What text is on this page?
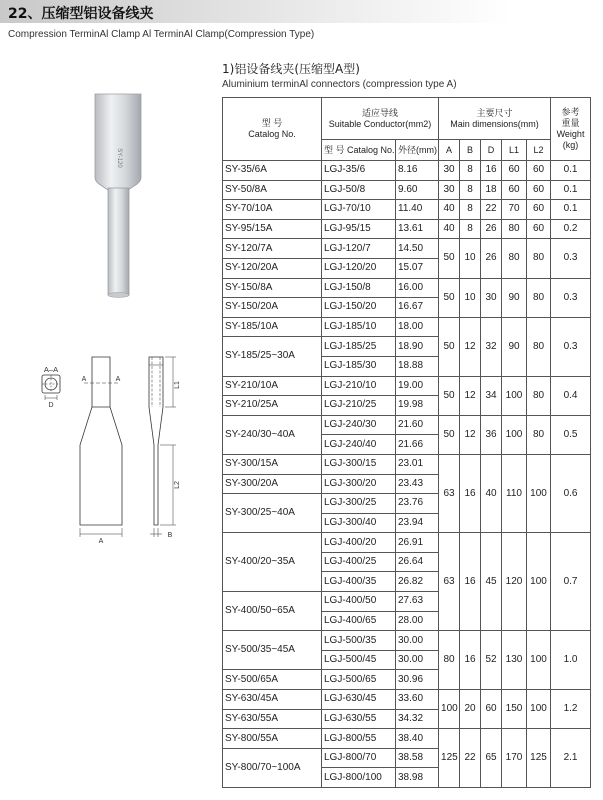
22、压缩型铝设备线夹
Compression TerminAl Clamp Al TerminAl Clamp(Compression Type)
1)铝设备线夹(压缩型A型)
Aluminium terminAl connectors (compression type A)
SY-120
A–A
D
A	A
A
L1
L2
B
型 号
Catalog No.	适应导线
Suitable Conductor(mm2)		主要尺寸
Main dimensions(mm)					参考
重量
Weight
(kg)

	型 号 Catalog No.	外径(mm)	A	B	D	L1	L2	
SY-35/6A	LGJ-35/6	8.16	30	8	16	60	60	0.1
SY-50/8A	LGJ-50/8	9.60	30	8	18	60	60	0.1
SY-70/10A	LGJ-70/10	11.40	40	8	22	70	60	0.1
SY-95/15A	LGJ-95/15	13.61	40	8	26	80	60	0.2
SY-120/7A	LGJ-120/7	14.50	50	10	26	80	80	0.3
SY-120/20A	LGJ-120/20	15.07						
SY-150/8A	LGJ-150/8	16.00	50	10	30	90	80	0.3
SY-150/20A	LGJ-150/20	16.67						
SY-185/10A	LGJ-185/10	18.00	50	12	32	90	80	0.3
SY-185/25~30A	LGJ-185/25	18.90						
	LGJ-185/30	18.88						
SY-210/10A	LGJ-210/10	19.00	50	12	34	100	80	0.4
SY-210/25A	LGJ-210/25	19.98						
SY-240/30~40A	LGJ-240/30	21.60	50	12	36	100	80	0.5
	LGJ-240/40	21.66						
SY-300/15A	LGJ-300/15	23.01	63	16	40	110	100	0.6
SY-300/20A	LGJ-300/20	23.43						
SY-300/25~40A	LGJ-300/25	23.76						
	LGJ-300/40	23.94						
SY-400/20~35A	LGJ-400/20	26.91	63	16	45	120	100	0.7
	LGJ-400/25	26.64						
	LGJ-400/35	26.82						
SY-400/50~65A	LGJ-400/50	27.63						
	LGJ-400/65	28.00						
SY-500/35~45A	LGJ-500/35	30.00	80	16	52	130	100	1.0
	LGJ-500/45	30.00						
SY-500/65A	LGJ-500/65	30.96						
SY-630/45A	LGJ-630/45	33.60	100	20	60	150	100	1.2
SY-630/55A	LGJ-630/55	34.32						
SY-800/55A	LGJ-800/55	38.40	125	22	65	170	125	2.1
SY-800/70~100A	LGJ-800/70	38.58						
	LGJ-800/100	38.98						
